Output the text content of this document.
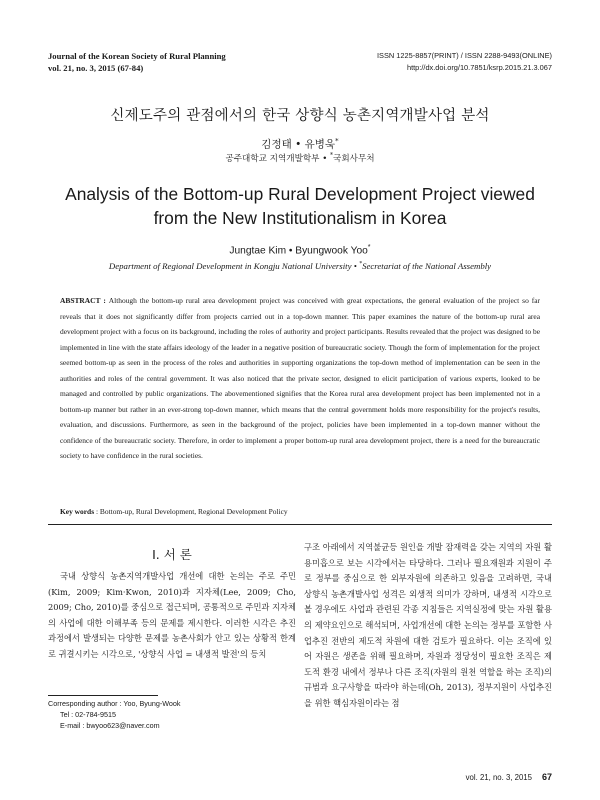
Journal of the Korean Society of Rural Planning
vol. 21, no. 3, 2015 (67-84)
ISSN 1225-8857(PRINT) / ISSN 2288-9493(ONLINE)
http://dx.doi.org/10.7851/ksrp.2015.21.3.067
신제도주의 관점에서의 한국 상향식 농촌지역개발사업 분석
김정태 • 유병욱*
공주대학교 지역개발학부 • *국회사무처
Analysis of the Bottom-up Rural Development Project viewed
from the New Institutionalism in Korea
Jungtae Kim • Byungwook Yoo*
Department of Regional Development in Kongju National University • *Secretariat of the National Assembly
ABSTRACT : Although the bottom-up rural area development project was conceived with great expectations, the general evaluation of the project so far reveals that it does not significantly differ from projects carried out in a top-down manner. This paper examines the nature of the bottom-up rural area development project with a focus on its background, including the roles of authority and project participants. Results revealed that the project was designed to be implemented in line with the state affairs ideology of the leader in a negative position of bureaucratic society. Though the form of implementation for the project seemed bottom-up as seen in the process of the roles and authorities in supporting organizations the top-down method of implementation can be seen in the authorities and roles of the central government. It was also noticed that the private sector, designed to elicit participation of various experts, looked to be managed and controlled by public organizations. The abovementioned signifies that the Korea rural area development project has been implemented not in a bottom-up manner but rather in an ever-strong top-down manner, which means that the central government holds more responsibility for the project's results, evaluation, and discussions. Furthermore, as seen in the background of the project, policies have been implemented in a top-down manner without the confidence of the bureaucratic society. Therefore, in order to implement a proper bottom-up rural area development project, there is a need for the bureaucratic society to have confidence in the rural societies.
Key words : Bottom-up, Rural Development, Regional Development Policy
I. 서 론
국내 상향식 농촌지역개발사업 개선에 대한 논의는 주로 주민(Kim, 2009; Kim·Kwon, 2010)과 지자체(Lee, 2009; Cho, 2009; Cho, 2010)를 중심으로 접근되며, 공통적으로 주민과 지자체의 사업에 대한 이해부족 등의 문제를 제시한다. 이러한 시각은 추진과정에서 발생되는 다양한 문제를 농촌사회가 안고 있는 상황적 한계로 귀결시키는 시각으로, '상향식 사업 = 내생적 발전'의 등치
구조 아래에서 지역불균등 원인을 개발 잠재력을 갖는 지역의 자원 활용미흡으로 보는 시각에서는 타당하다. 그러나 필요재원과 지원이 주로 정부를 중심으로 한 외부자원에 의존하고 있음을 고려하면, 국내 상향식 농촌개발사업 성격은 외생적 의미가 강하며, 내생적 시각으로 볼 경우에도 사업과 관련된 각종 지침들은 지역실정에 맞는 자원 활용의 제약요인으로 해석되며, 사업개선에 대한 논의는 정부를 포함한 사업추진 전반의 제도적 차원에 대한 검토가 필요하다. 이는 조직에 있어 자원은 생존을 위해 필요하며, 자원과 정당성이 필요한 조직은 제도적 환경 내에서 정부나 다른 조직(자원의 원천 역할을 하는 조직)의 규범과 요구사항을 따라야 하는데(Oh, 2013), 정부지원이 사업추진을 위한 핵심자원이라는 점
Corresponding author : Yoo, Byung-Wook
Tel : 02-784-9515
E-mail : bwyoo623@naver.com
vol. 21, no. 3, 2015 67
